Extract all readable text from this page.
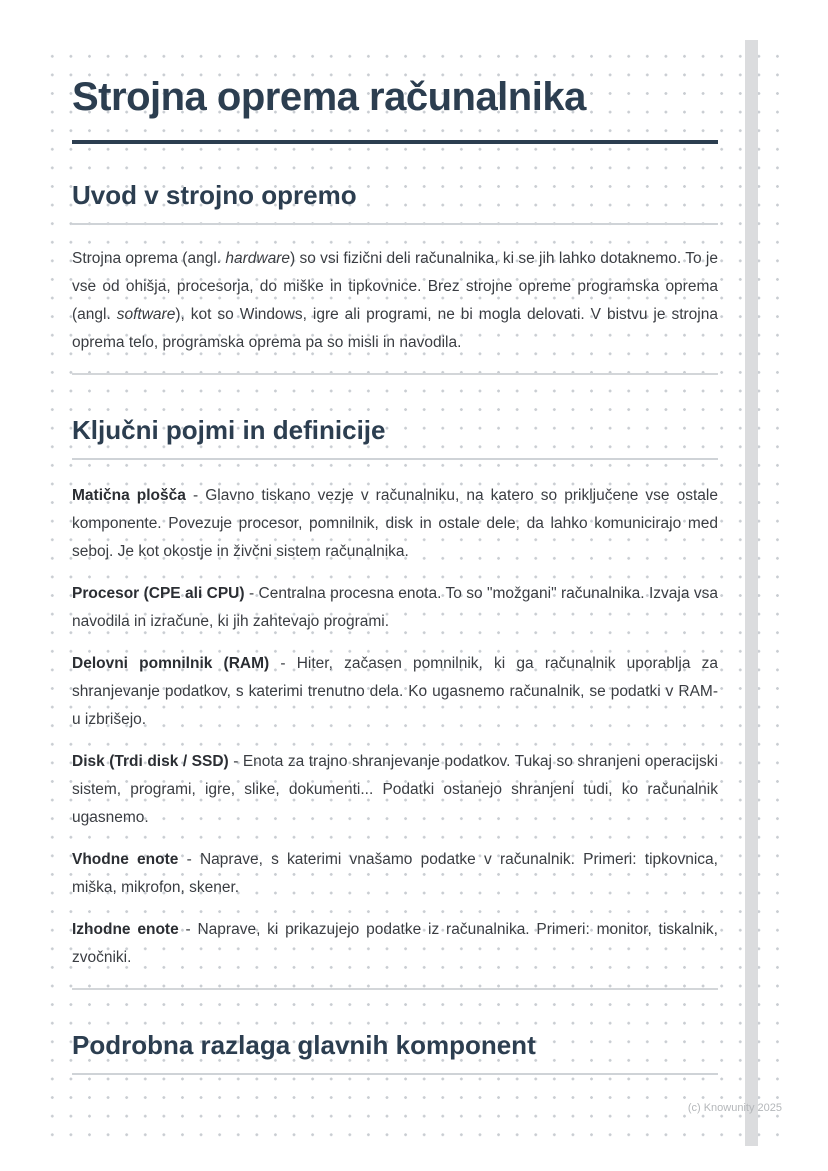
Strojna oprema računalnika
Uvod v strojno opremo

Strojna oprema (angl. hardware) so vsi fizični deli računalnika, ki se jih lahko dotaknemo. To je vse od ohišja, procesorja, do miške in tipkovnice. Brez strojne opreme programska oprema (angl. software), kot so Windows, igre ali programi, ne bi mogla delovati. V bistvu je strojna oprema telo, programska oprema pa so misli in navodila.

Ključni pojmi in definicije

Matična plošča - Glavno tiskano vezje v računalniku, na katero so priključene vse ostale komponente. Povezuje procesor, pomnilnik, disk in ostale dele, da lahko komunicirajo med seboj. Je kot okostje in živčni sistem računalnika.

Procesor (CPE ali CPU) - Centralna procesna enota. To so "možgani" računalnika. Izvaja vsa navodila in izračune, ki jih zahtevajo programi.

Delovni pomnilnik (RAM) - Hiter, začasen pomnilnik, ki ga računalnik uporablja za shranjevanje podatkov, s katerimi trenutno dela. Ko ugasnemo računalnik, se podatki v RAM-u izbrišejo.

Disk (Trdi disk / SSD) - Enota za trajno shranjevanje podatkov. Tukaj so shranjeni operacijski sistem, programi, igre, slike, dokumenti... Podatki ostanejo shranjeni tudi, ko računalnik ugasnemo.

Vhodne enote - Naprave, s katerimi vnašamo podatke v računalnik. Primeri: tipkovnica, miška, mikrofon, skener.

Izhodne enote - Naprave, ki prikazujejo podatke iz računalnika. Primeri: monitor, tiskalnik, zvočniki.

Podrobna razlaga glavnih komponent
(c) Knowunity 2025
